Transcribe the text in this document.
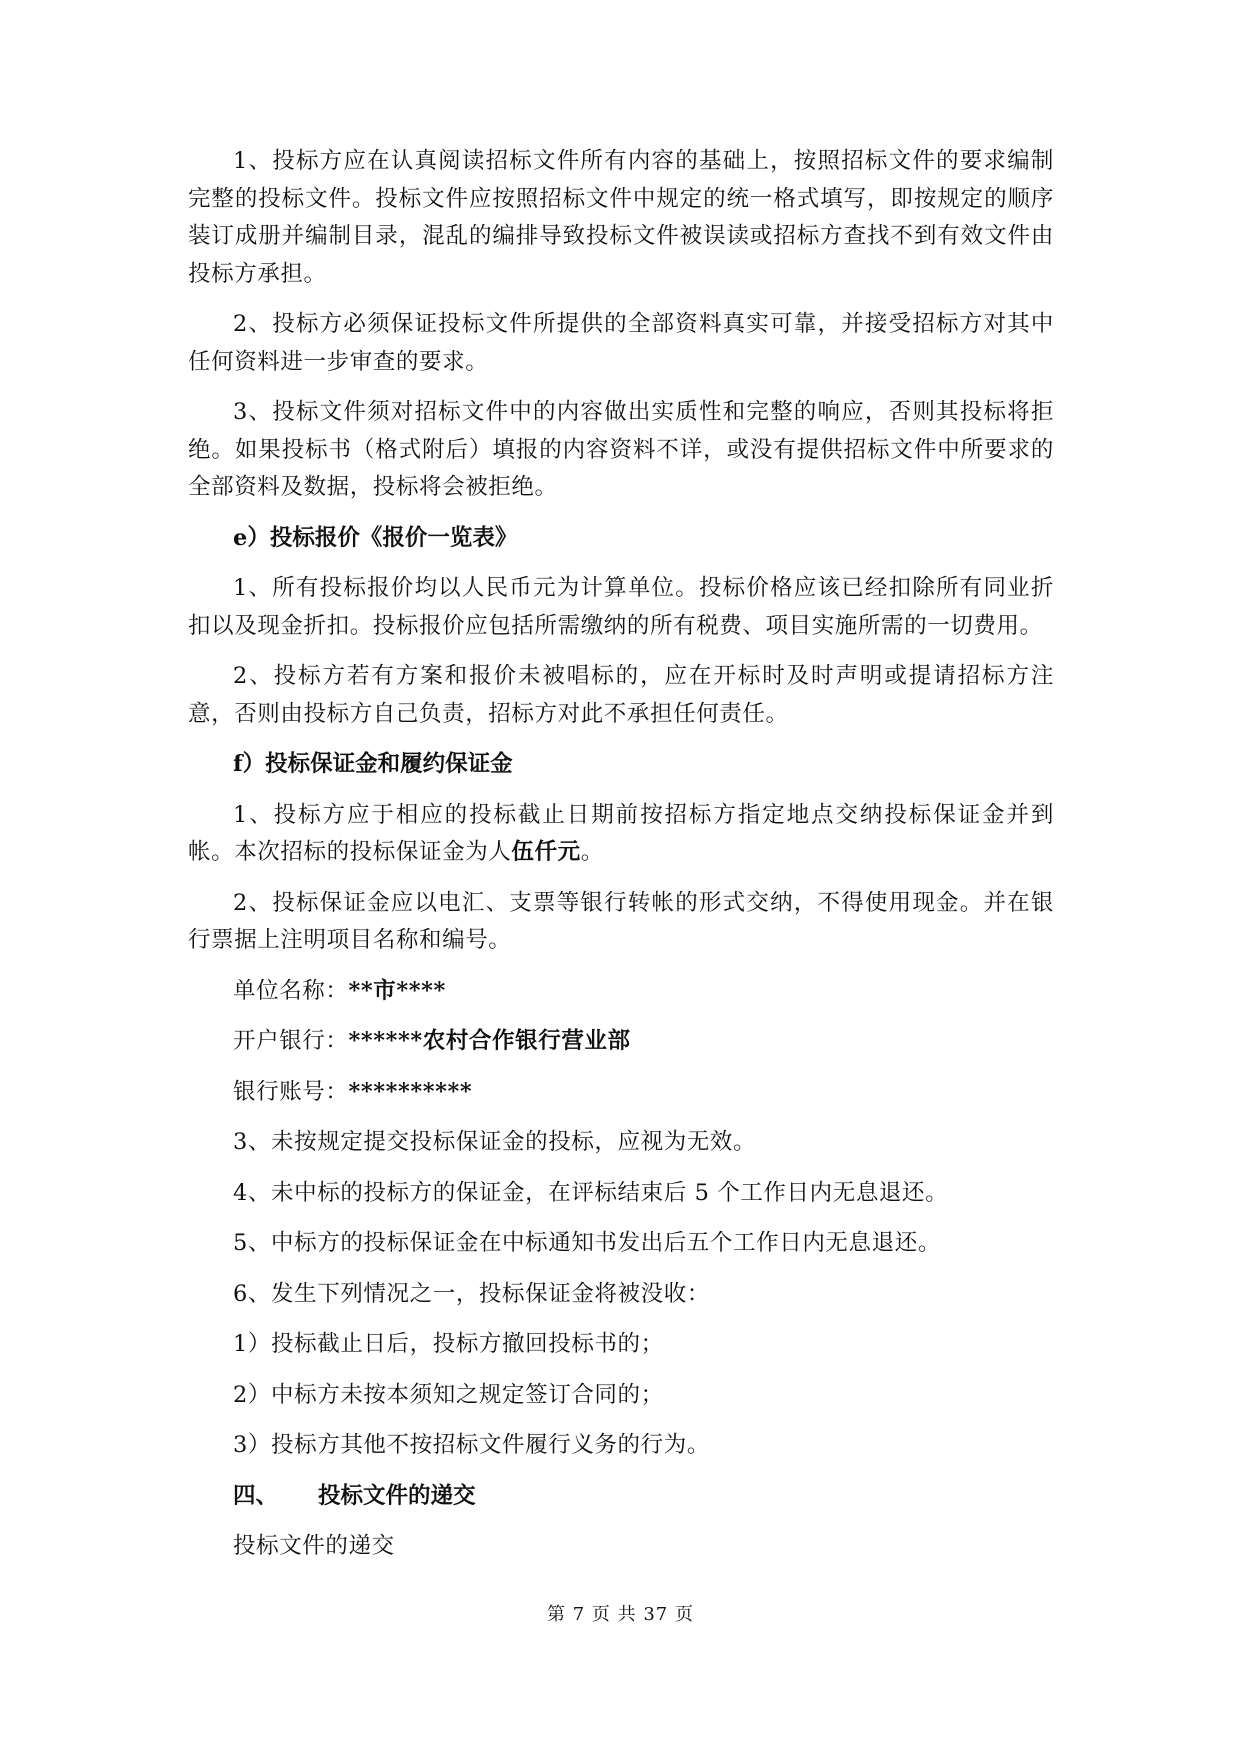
1、投标方应在认真阅读招标文件所有内容的基础上，按照招标文件的要求编制完整的投标文件。投标文件应按照招标文件中规定的统一格式填写，即按规定的顺序装订成册并编制目录，混乱的编排导致投标文件被误读或招标方查找不到有效文件由投标方承担。

2、投标方必须保证投标文件所提供的全部资料真实可靠，并接受招标方对其中任何资料进一步审查的要求。

3、投标文件须对招标文件中的内容做出实质性和完整的响应，否则其投标将拒绝。如果投标书（格式附后）填报的内容资料不详，或没有提供招标文件中所要求的全部资料及数据，投标将会被拒绝。

e）投标报价《报价一览表》

1、所有投标报价均以人民币元为计算单位。投标价格应该已经扣除所有同业折扣以及现金折扣。投标报价应包括所需缴纳的所有税费、项目实施所需的一切费用。

2、投标方若有方案和报价未被唱标的，应在开标时及时声明或提请招标方注意，否则由投标方自己负责，招标方对此不承担任何责任。

f）投标保证金和履约保证金

1、投标方应于相应的投标截止日期前按招标方指定地点交纳投标保证金并到帐。本次招标的投标保证金为人伍仟元。

2、投标保证金应以电汇、支票等银行转帐的形式交纳，不得使用现金。并在银行票据上注明项目名称和编号。

单位名称：**市****
开户银行：******农村合作银行营业部
银行账号：**********
3、未按规定提交投标保证金的投标，应视为无效。
4、未中标的投标方的保证金，在评标结束后 5 个工作日内无息退还。
5、中标方的投标保证金在中标通知书发出后五个工作日内无息退还。
6、发生下列情况之一，投标保证金将被没收：
1）投标截止日后，投标方撤回投标书的；
2）中标方未按本须知之规定签订合同的；
3）投标方其他不按招标文件履行义务的行为。
四、 投标文件的递交
投标文件的递交
第 7 页 共 37 页
